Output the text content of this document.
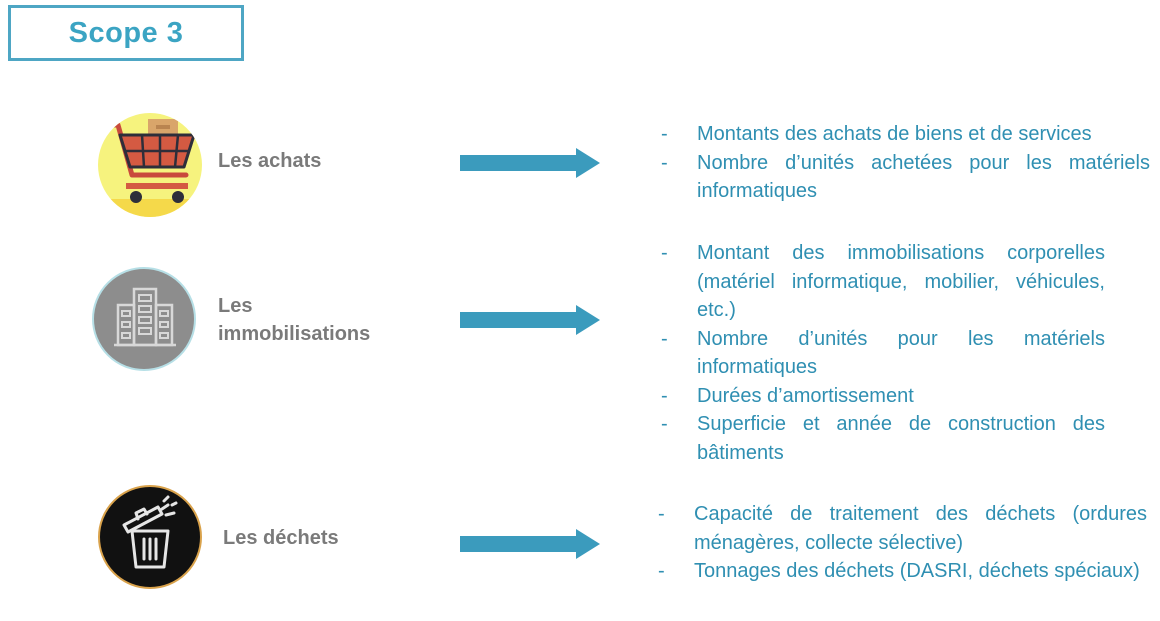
Scope 3
Les achats
- Montants des achats de biens et de services
- Nombre d’unités achetées pour les matériels informatiques
Les immobilisations
- Montant des immobilisations corporelles (matériel informatique, mobilier, véhicules, etc.)
- Nombre d’unités pour les matériels informatiques
- Durées d’amortissement
- Superficie et année de construction des bâtiments
Les déchets
- Capacité de traitement des déchets (ordures ménagères, collecte sélective)
- Tonnages des déchets (DASRI, déchets spéciaux)
